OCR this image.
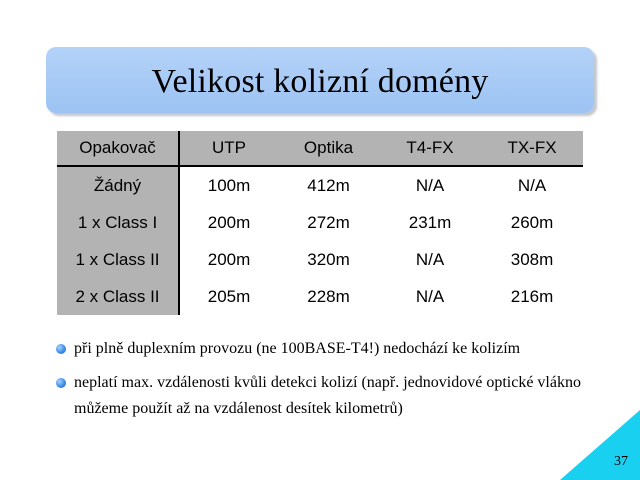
Velikost kolizní domény
Opakovač	UTP	Optika	T4-FX	TX-FX
Žádný	100m	412m	N/A	N/A
1 x Class I	200m	272m	231m	260m
1 x Class II	200m	320m	N/A	308m
2 x Class II	205m	228m	N/A	216m
při plně duplexním provozu (ne 100BASE-T4!) nedochází ke kolizím
neplatí max. vzdálenosti kvůli detekci kolizí (např. jednovidové optické vlákno můžeme použít až na vzdálenost desítek kilometrů)
37
